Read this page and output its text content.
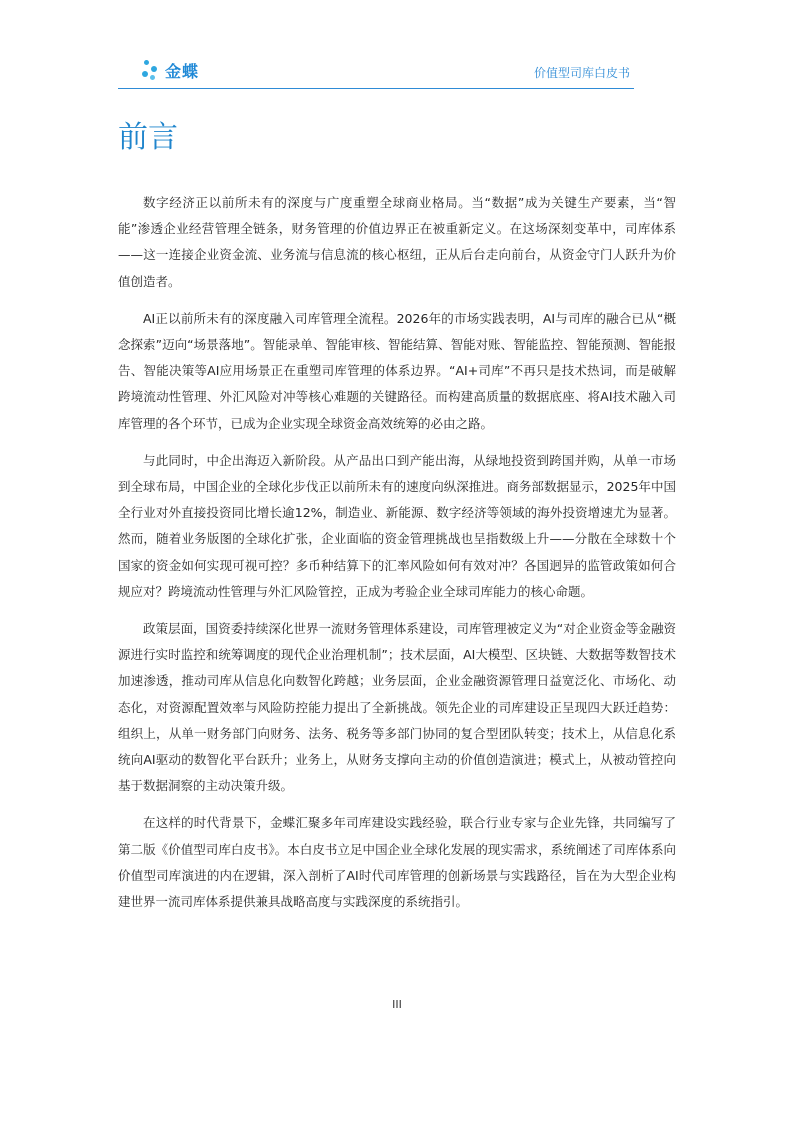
金蝶	价值型司库白皮书
前言

数字经济正以前所未有的深度与广度重塑全球商业格局。当“数据”成为关键生产要素，当“智能”渗透企业经营管理全链条，财务管理的价值边界正在被重新定义。在这场深刻变革中，司库体系——这一连接企业资金流、业务流与信息流的核心枢纽，正从后台走向前台，从资金守门人跃升为价值创造者。

AI正以前所未有的深度融入司库管理全流程。2026年的市场实践表明，AI与司库的融合已从“概念探索”迈向“场景落地”。智能录单、智能审核、智能结算、智能对账、智能监控、智能预测、智能报告、智能决策等AI应用场景正在重塑司库管理的体系边界。“AI+司库”不再只是技术热词，而是破解跨境流动性管理、外汇风险对冲等核心难题的关键路径。而构建高质量的数据底座、将AI技术融入司库管理的各个环节，已成为企业实现全球资金高效统筹的必由之路。

与此同时，中企出海迈入新阶段。从产品出口到产能出海，从绿地投资到跨国并购，从单一市场到全球布局，中国企业的全球化步伐正以前所未有的速度向纵深推进。商务部数据显示，2025年中国全行业对外直接投资同比增长逾12%，制造业、新能源、数字经济等领域的海外投资增速尤为显著。然而，随着业务版图的全球化扩张，企业面临的资金管理挑战也呈指数级上升——分散在全球数十个国家的资金如何实现可视可控？多币种结算下的汇率风险如何有效对冲？各国迥异的监管政策如何合规应对？跨境流动性管理与外汇风险管控，正成为考验企业全球司库能力的核心命题。

政策层面，国资委持续深化世界一流财务管理体系建设，司库管理被定义为“对企业资金等金融资源进行实时监控和统筹调度的现代企业治理机制”；技术层面，AI大模型、区块链、大数据等数智技术加速渗透，推动司库从信息化向数智化跨越；业务层面，企业金融资源管理日益宽泛化、市场化、动态化，对资源配置效率与风险防控能力提出了全新挑战。领先企业的司库建设正呈现四大跃迁趋势：组织上，从单一财务部门向财务、法务、税务等多部门协同的复合型团队转变；技术上，从信息化系统向AI驱动的数智化平台跃升；业务上，从财务支撑向主动的价值创造演进；模式上，从被动管控向基于数据洞察的主动决策升级。

在这样的时代背景下，金蝶汇聚多年司库建设实践经验，联合行业专家与企业先锋，共同编写了第二版《价值型司库白皮书》。本白皮书立足中国企业全球化发展的现实需求，系统阐述了司库体系向价值型司库演进的内在逻辑，深入剖析了AI时代司库管理的创新场景与实践路径，旨在为大型企业构建世界一流司库体系提供兼具战略高度与实践深度的系统指引。

III
